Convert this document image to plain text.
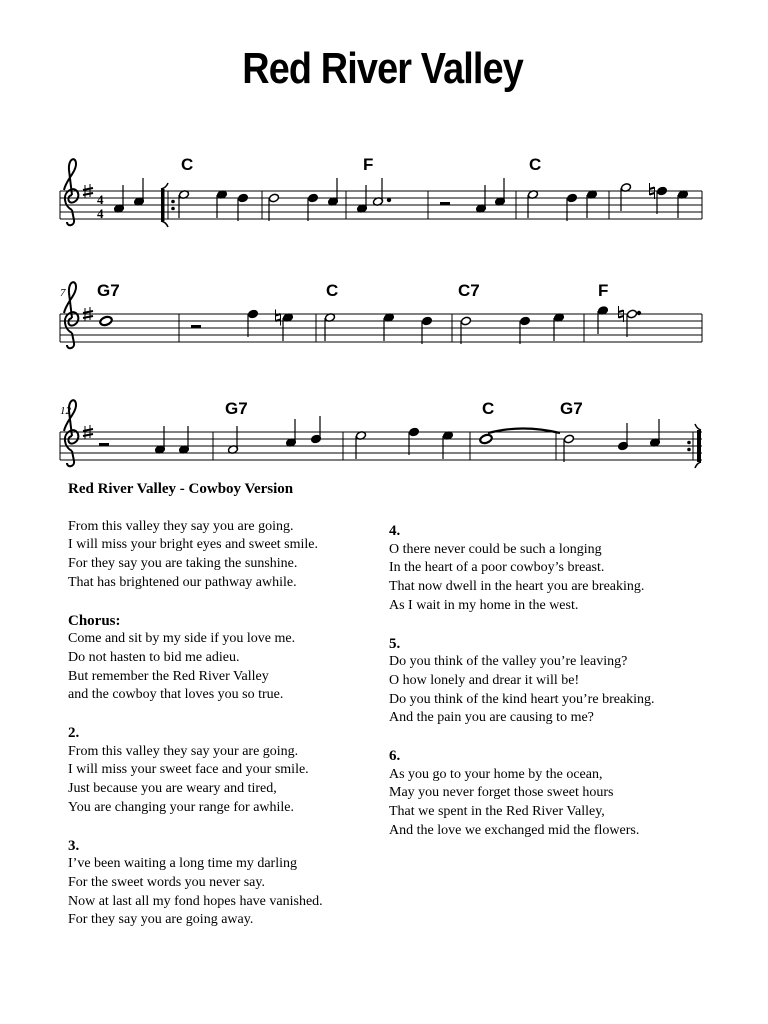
Red River Valley
4
4
C	F	C
7 G7	C	C7	F
12	G7	C	G7
Red River Valley - Cowboy Version
From this valley they say you are going.
I will miss your bright eyes and sweet smile.
For they say you are taking the sunshine.
That has brightened our pathway awhile.
Chorus:
Come and sit by my side if you love me.
Do not hasten to bid me adieu.
But remember the Red River Valley
and the cowboy that loves you so true.
2.
From this valley they say your are going.
I will miss your sweet face and your smile.
Just because you are weary and tired,
You are changing your range for awhile.
3.
I’ve been waiting a long time my darling
For the sweet words you never say.
Now at last all my fond hopes have vanished.
For they say you are going away.
4.
O there never could be such a longing
In the heart of a poor cowboy’s breast.
That now dwell in the heart you are breaking.
As I wait in my home in the west.
5.
Do you think of the valley you’re leaving?
O how lonely and drear it will be!
Do you think of the kind heart you’re breaking.
And the pain you are causing to me?
6.
As you go to your home by the ocean,
May you never forget those sweet hours
That we spent in the Red River Valley,
And the love we exchanged mid the flowers.
